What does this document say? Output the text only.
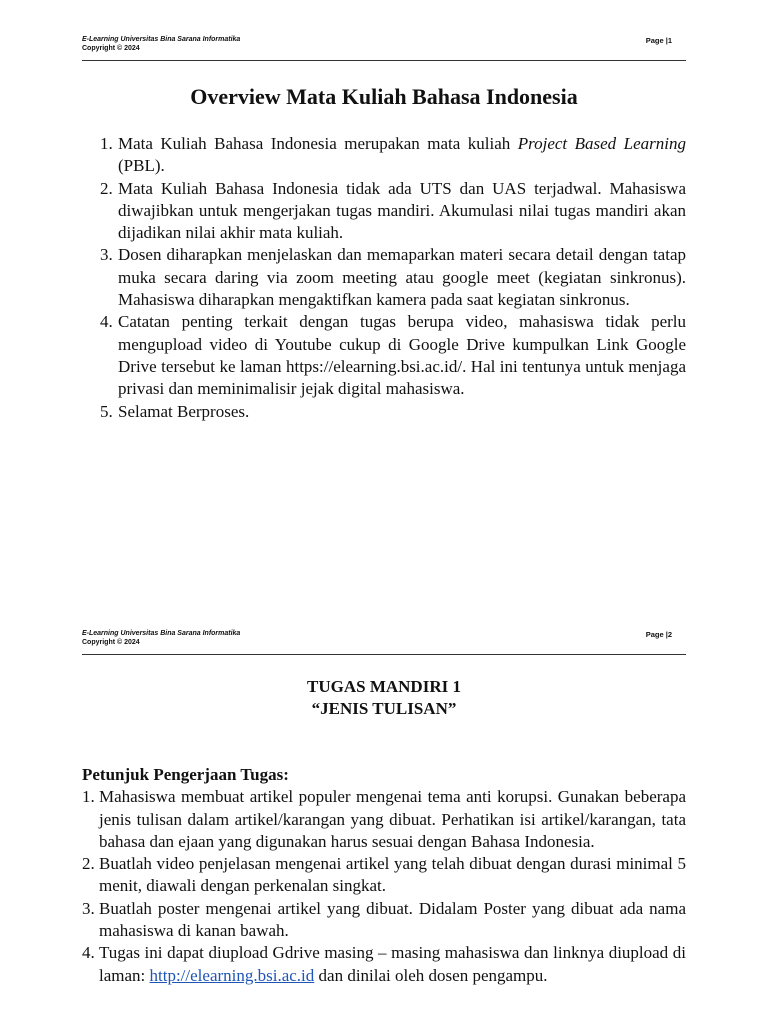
E-Learning Universitas Bina Sarana Informatika
Copyright © 2024
Page |1
Overview Mata Kuliah Bahasa Indonesia
1. Mata Kuliah Bahasa Indonesia merupakan mata kuliah Project Based Learning (PBL).
2. Mata Kuliah Bahasa Indonesia tidak ada UTS dan UAS terjadwal. Mahasiswa diwajibkan untuk mengerjakan tugas mandiri. Akumulasi nilai tugas mandiri akan dijadikan nilai akhir mata kuliah.
3. Dosen diharapkan menjelaskan dan memaparkan materi secara detail dengan tatap muka secara daring via zoom meeting atau google meet (kegiatan sinkronus). Mahasiswa diharapkan mengaktifkan kamera pada saat kegiatan sinkronus.
4. Catatan penting terkait dengan tugas berupa video, mahasiswa tidak perlu mengupload video di Youtube cukup di Google Drive kumpulkan Link Google Drive tersebut ke laman https://elearning.bsi.ac.id/. Hal ini tentunya untuk menjaga privasi dan meminimalisir jejak digital mahasiswa.
5. Selamat Berproses.
E-Learning Universitas Bina Sarana Informatika
Copyright © 2024
Page |2
TUGAS MANDIRI 1
“JENIS TULISAN”
Petunjuk Pengerjaan Tugas:
1. Mahasiswa membuat artikel populer mengenai tema anti korupsi. Gunakan beberapa jenis tulisan dalam artikel/karangan yang dibuat. Perhatikan isi artikel/karangan, tata bahasa dan ejaan yang digunakan harus sesuai dengan Bahasa Indonesia.
2. Buatlah video penjelasan mengenai artikel yang telah dibuat dengan durasi minimal 5 menit, diawali dengan perkenalan singkat.
3. Buatlah poster mengenai artikel yang dibuat. Didalam Poster yang dibuat ada nama mahasiswa di kanan bawah.
4. Tugas ini dapat diupload Gdrive masing – masing mahasiswa dan linknya diupload di laman: http://elearning.bsi.ac.id dan dinilai oleh dosen pengampu.
